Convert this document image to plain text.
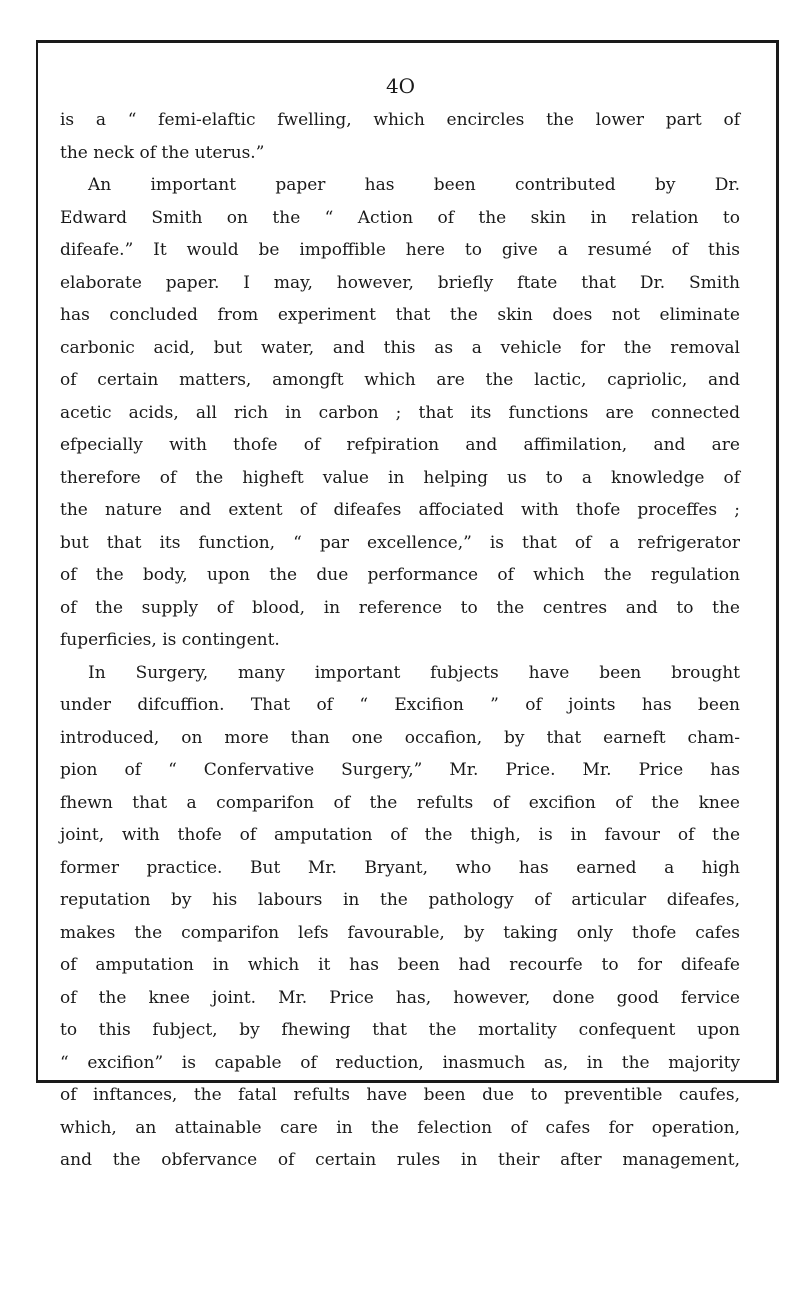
4O
is a “ femi-elaftic fwelling, which encircles the lower part of
the neck of the uterus.”
An important paper has been contributed by Dr.
Edward Smith on the “ Action of the skin in relation to
difeafe.” It would be impoffible here to give a resumé of this
elaborate paper. I may, however, briefly ftate that Dr. Smith
has concluded from experiment that the skin does not eliminate
carbonic acid, but water, and this as a vehicle for the removal
of certain matters, amongft which are the lactic, capriolic, and
acetic acids, all rich in carbon ; that its functions are connected
efpecially with thofe of refpiration and affimilation, and are
therefore of the higheft value in helping us to a knowledge of
the nature and extent of difeafes affociated with thofe proceffes ;
but that its function, “ par excellence,” is that of a refrigerator
of the body, upon the due performance of which the regulation
of the supply of blood, in reference to the centres and to the
fuperficies, is contingent.
In Surgery, many important fubjects have been brought
under difcuffion. That of “ Excifion ” of joints has been
introduced, on more than one occafion, by that earneft cham-
pion of “ Confervative Surgery,” Mr. Price. Mr. Price has
fhewn that a comparifon of the refults of excifion of the knee
joint, with thofe of amputation of the thigh, is in favour of the
former practice. But Mr. Bryant, who has earned a high
reputation by his labours in the pathology of articular difeafes,
makes the comparifon lefs favourable, by taking only thofe cafes
of amputation in which it has been had recourfe to for difeafe
of the knee joint. Mr. Price has, however, done good fervice
to this fubject, by fhewing that the mortality confequent upon
“ excifion” is capable of reduction, inasmuch as, in the majority
of inftances, the fatal refults have been due to preventible caufes,
which, an attainable care in the felection of cafes for operation,
and the obfervance of certain rules in their after management,
